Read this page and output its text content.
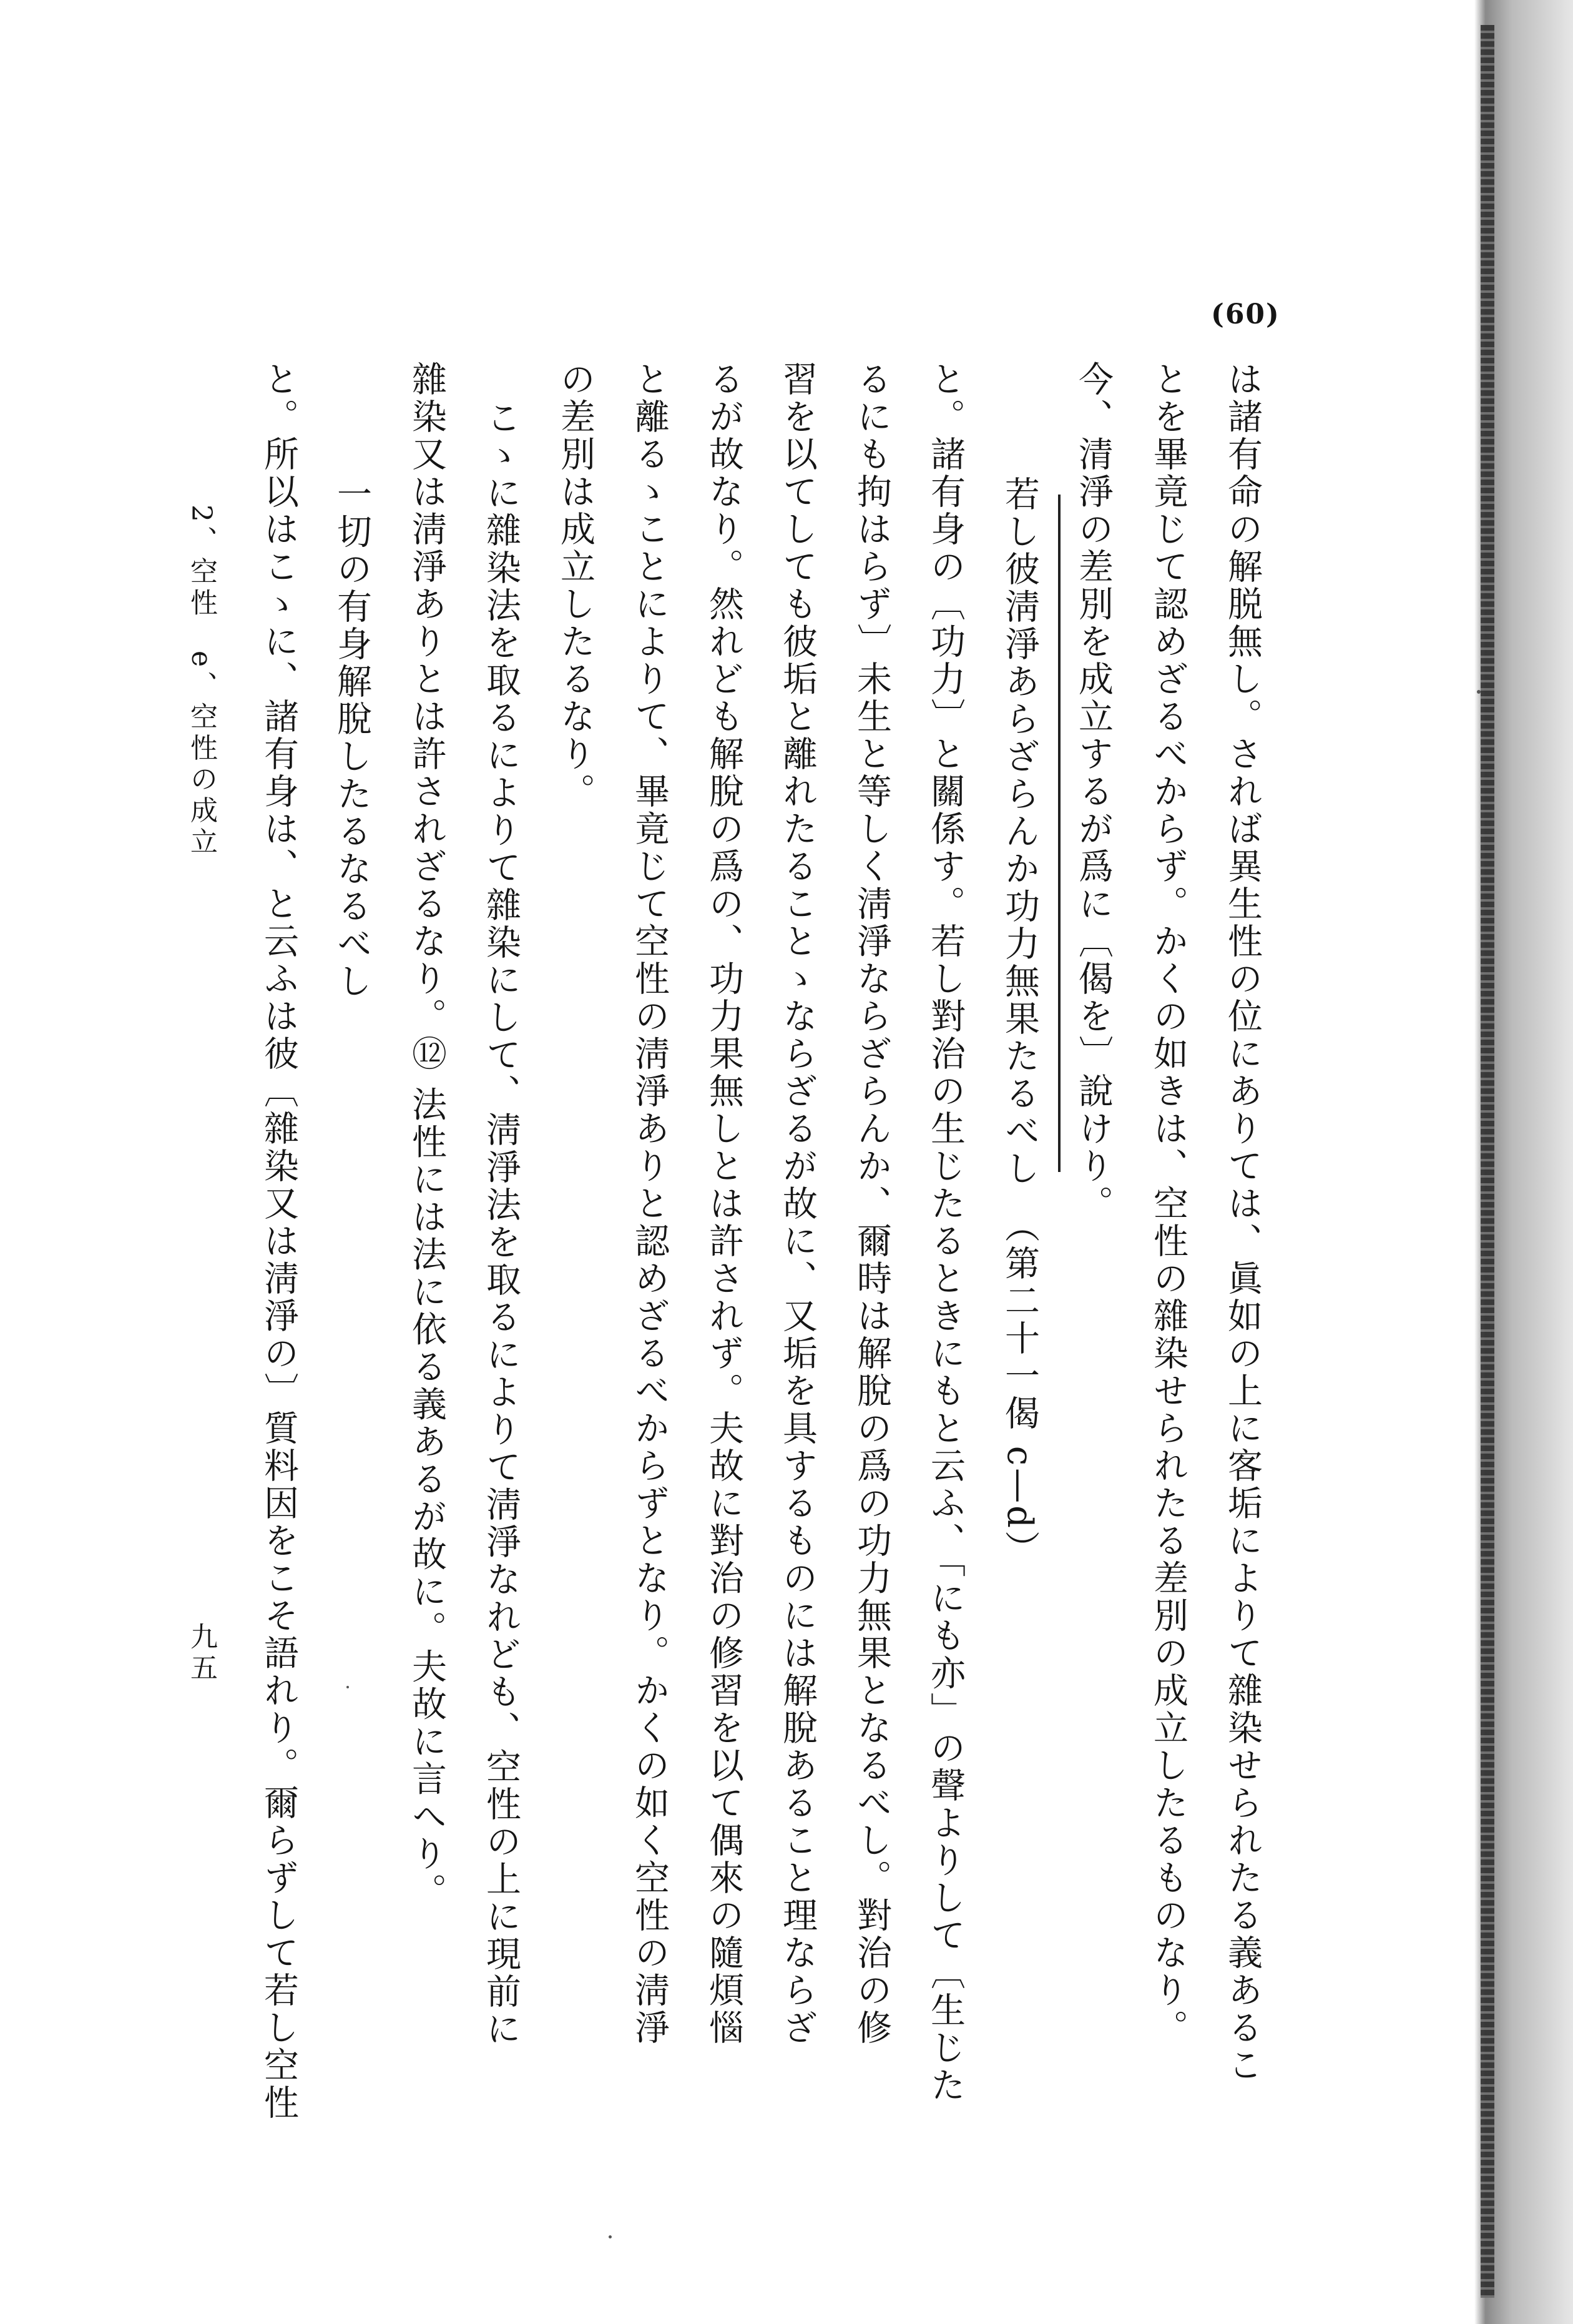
(60)
は諸有命の解脱無し。されば異生性の位にありては、眞如の上に客垢によりて雜染せられたる義あるこ
とを畢竟じて認めざるべからず。かくの如きは、空性の雜染せられたる差別の成立したるものなり。
今、清淨の差別を成立するが爲に〔偈を〕說けり。
若し彼淸淨あらざらんか功力無果たるべし　（第二十一偈 c—d）
と。諸有身の〔功力〕と關係す。若し對治の生じたるときにもと云ふ、「にも亦」の聲よりして〔生じた
るにも拘はらず〕未生と等しく淸淨ならざらんか、爾時は解脫の爲の功力無果となるべし。對治の修
習を以てしても彼垢と離れたることゝならざるが故に、又垢を具するものには解脫あること理ならざ
るが故なり。然れども解脫の爲の、功力果無しとは許されず。夫故に對治の修習を以て偶來の隨煩惱
と離るゝことによりて、畢竟じて空性の淸淨ありと認めざるべからずとなり。かくの如く空性の淸淨
の差別は成立したるなり。
こゝに雜染法を取るによりて雜染にして、淸淨法を取るによりて淸淨なれども、空性の上に現前に
雜染又は淸淨ありとは許されざるなり。⑫ 法性には法に依る義あるが故に。夫故に言へり。
一切の有身解脫したるなるべし
と。所以はこゝに、諸有身は、と云ふは彼〔雜染又は淸淨の〕質料因をこそ語れり。爾らずして若し空性
2、空性　e、空性の成立
九五
